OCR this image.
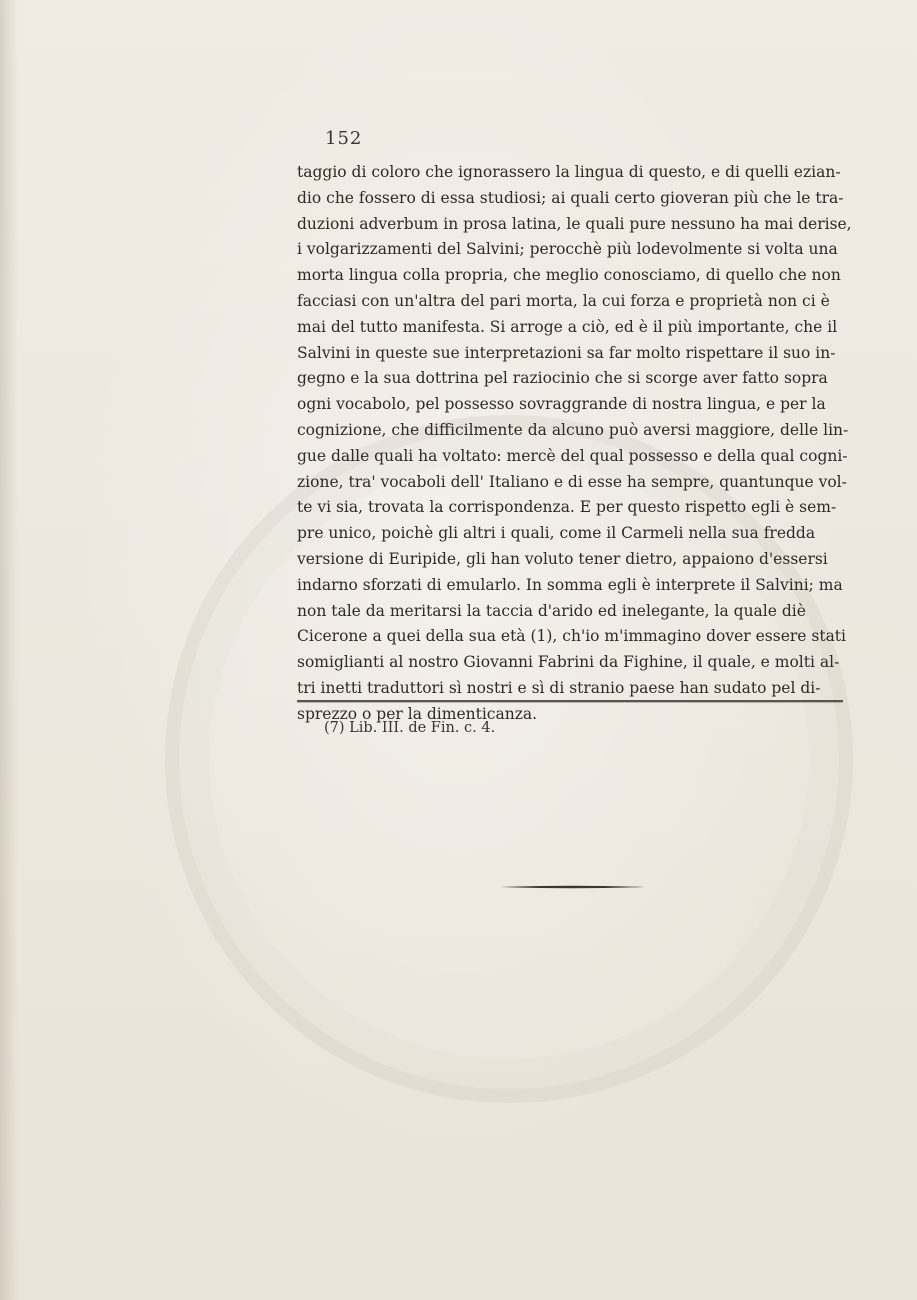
152
taggio di coloro che ignorassero la lingua di questo, e di quelli ezian-
dio che fossero di essa studiosi; ai quali certo gioveran più che le tra-
duzioni adverbum in prosa latina, le quali pure nessuno ha mai derise,
i volgarizzamenti del Salvini; perocchè più lodevolmente si volta una
morta lingua colla propria, che meglio conosciamo, di quello che non
facciasi con un'altra del pari morta, la cui forza e proprietà non ci è
mai del tutto manifesta. Si arroge a ciò, ed è il più importante, che il
Salvini in queste sue interpretazioni sa far molto rispettare il suo in-
gegno e la sua dottrina pel raziocinio che si scorge aver fatto sopra
ogni vocabolo, pel possesso sovraggrande di nostra lingua, e per la
cognizione, che difficilmente da alcuno può aversi maggiore, delle lin-
gue dalle quali ha voltato: mercè del qual possesso e della qual cogni-
zione, tra' vocaboli dell' Italiano e di esse ha sempre, quantunque vol-
te vi sia, trovata la corrispondenza. E per questo rispetto egli è sem-
pre unico, poichè gli altri i quali, come il Carmeli nella sua fredda
versione di Euripide, gli han voluto tener dietro, appaiono d'essersi
indarno sforzati di emularlo. In somma egli è interprete il Salvini; ma
non tale da meritarsi la taccia d'arido ed inelegante, la quale diè
Cicerone a quei della sua età (1), ch'io m'immagino dover essere stati
somiglianti al nostro Giovanni Fabrini da Fighine, il quale, e molti al-
tri inetti traduttori sì nostri e sì di stranio paese han sudato pel di-
sprezzo o per la dimenticanza.
(7) Lib. III. de Fin. c. 4.
